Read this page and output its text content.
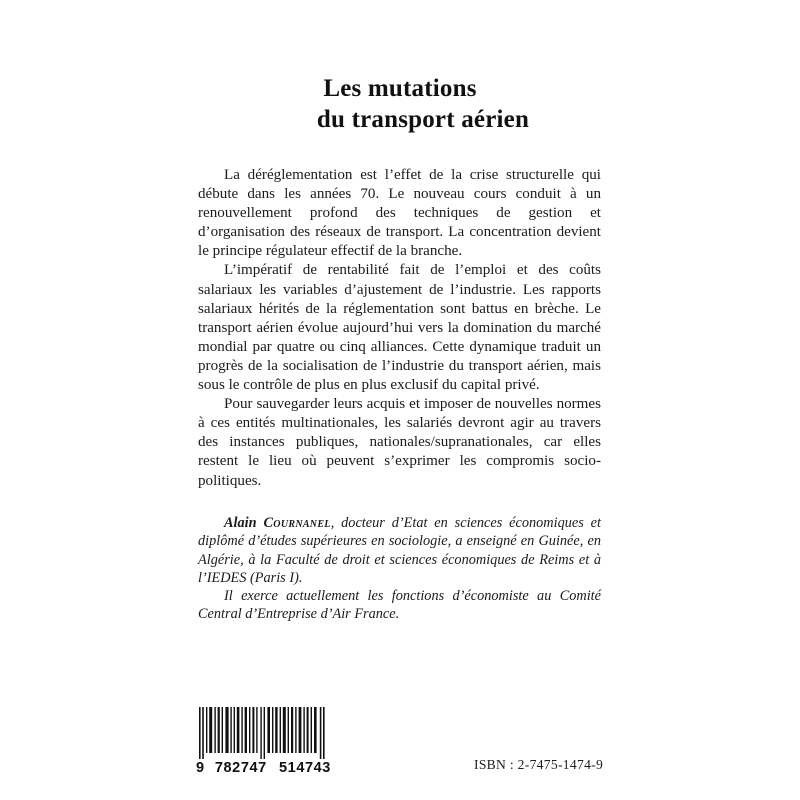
Les mutations
du transport aérien

La déréglementation est l’effet de la crise structurelle qui débute dans les années 70. Le nouveau cours conduit à un renouvellement profond des techniques de gestion et d’organisation des réseaux de transport. La concentration devient le principe régulateur effectif de la branche.

L’impératif de rentabilité fait de l’emploi et des coûts salariaux les variables d’ajustement de l’industrie. Les rapports salariaux hérités de la réglementation sont battus en brèche. Le transport aérien évolue aujourd’hui vers la domination du marché mondial par quatre ou cinq alliances. Cette dynamique traduit un progrès de la socialisation de l’industrie du transport aérien, mais sous le contrôle de plus en plus exclusif du capital privé.

Pour sauvegarder leurs acquis et imposer de nouvelles normes à ces entités multinationales, les salariés devront agir au travers des instances publiques, nationales/supranationales, car elles restent le lieu où peuvent s’exprimer les compromis socio-politiques.

Alain Cournanel, docteur d’Etat en sciences économiques et diplômé d’études supérieures en sociologie, a enseigné en Guinée, en Algérie, à la Faculté de droit et sciences économiques de Reims et à l’IEDES (Paris I).

Il exerce actuellement les fonctions d’économiste au Comité Central d’Entreprise d’Air France.

9 782747 514743	ISBN : 2-7475-1474-9
